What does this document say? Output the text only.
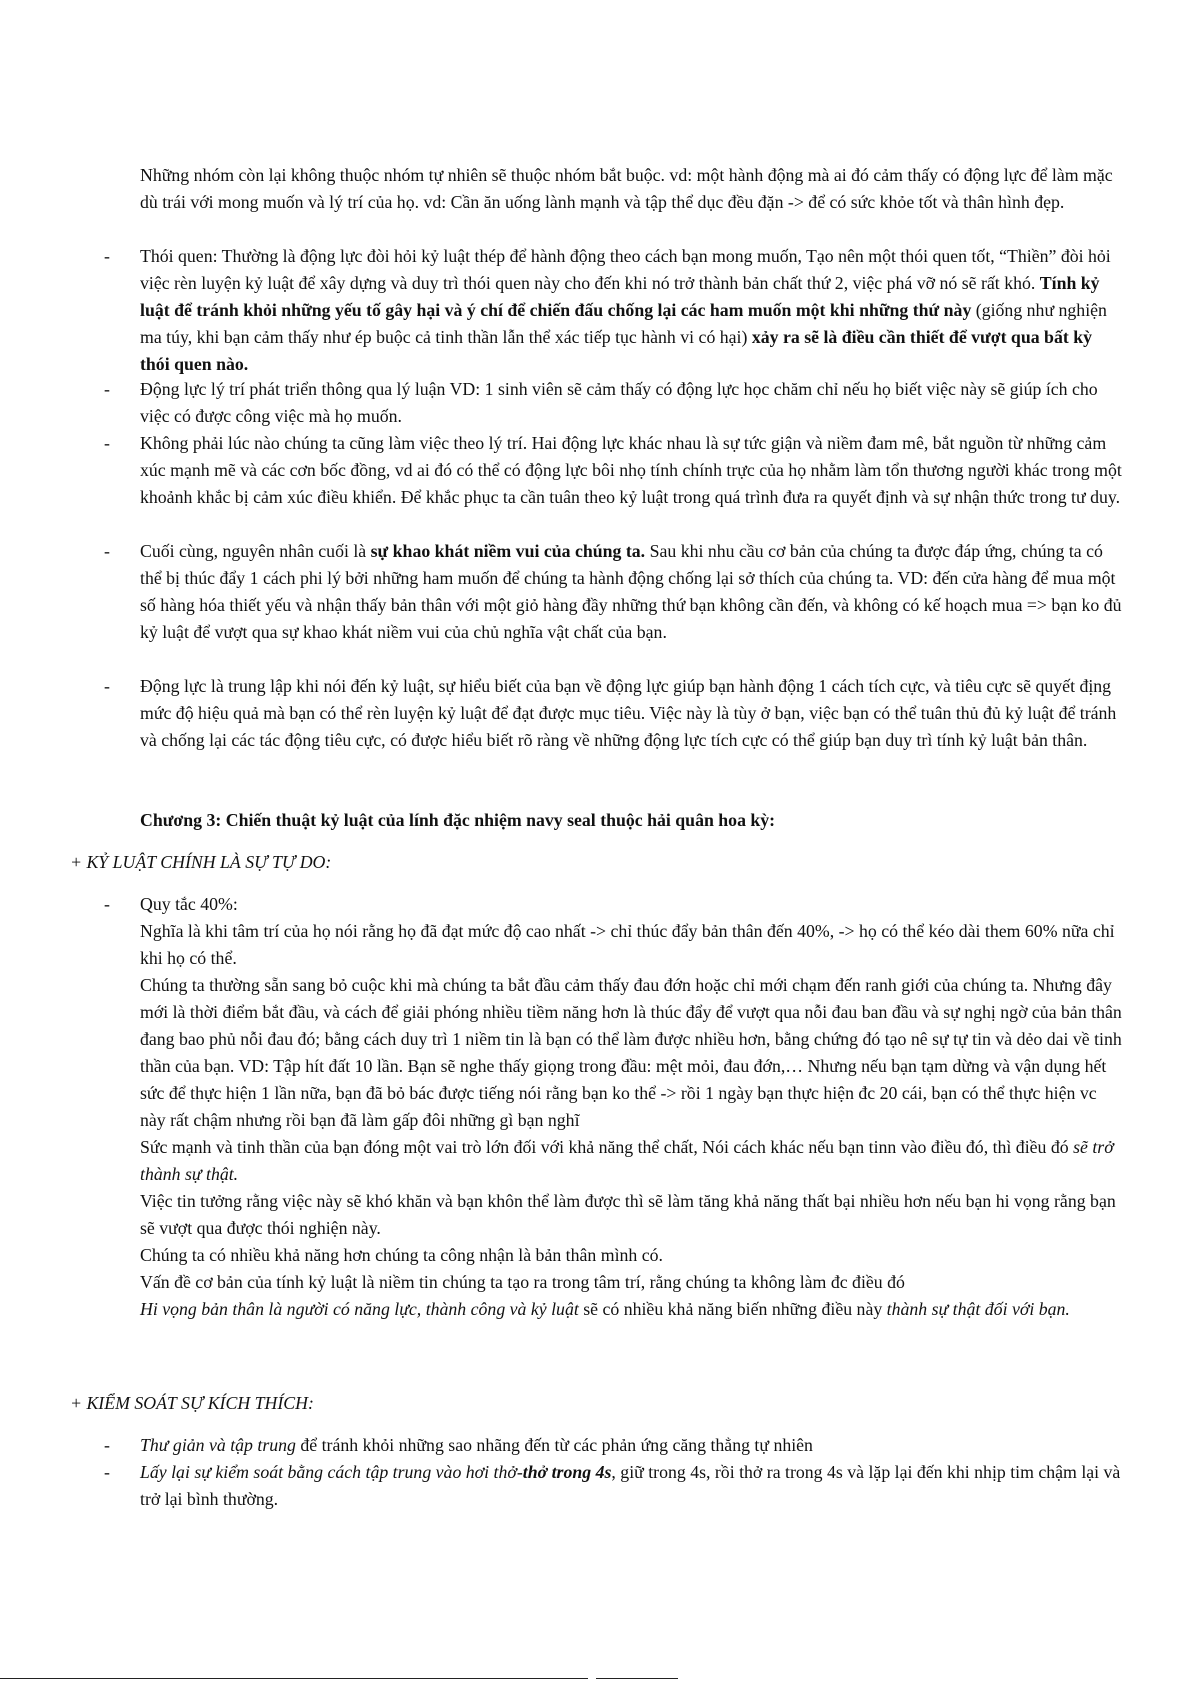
Những nhóm còn lại không thuộc nhóm tự nhiên sẽ thuộc nhóm bắt buộc. vd: một hành động mà ai đó cảm thấy có động lực để làm mặc dù trái với mong muốn và lý trí của họ. vd: Cần ăn uống lành mạnh và tập thể dục đều đặn -> để có sức khỏe tốt và thân hình đẹp.

- Thói quen: Thường là động lực đòi hỏi kỷ luật thép để hành động theo cách bạn mong muốn, Tạo nên một thói quen tốt, “Thiền” đòi hỏi việc rèn luyện kỷ luật để xây dựng và duy trì thói quen này cho đến khi nó trở thành bản chất thứ 2, việc phá vỡ nó sẽ rất khó. Tính kỷ luật để tránh khỏi những yếu tố gây hại và ý chí để chiến đấu chống lại các ham muốn một khi những thứ này (giống như nghiện ma túy, khi bạn cảm thấy như ép buộc cả tinh thần lẫn thể xác tiếp tục hành vi có hại) xảy ra sẽ là điều cần thiết để vượt qua bất kỳ thói quen nào.
- Động lực lý trí phát triển thông qua lý luận VD: 1 sinh viên sẽ cảm thấy có động lực học chăm chỉ nếu họ biết việc này sẽ giúp ích cho việc có được công việc mà họ muốn.
- Không phải lúc nào chúng ta cũng làm việc theo lý trí. Hai động lực khác nhau là sự tức giận và niềm đam mê, bắt nguồn từ những cảm xúc mạnh mẽ và các cơn bốc đồng, vd ai đó có thể có động lực bôi nhọ tính chính trực của họ nhằm làm tổn thương người khác trong một khoảnh khắc bị cảm xúc điều khiển. Để khắc phục ta cần tuân theo kỷ luật trong quá trình đưa ra quyết định và sự nhận thức trong tư duy.
- Cuối cùng, nguyên nhân cuối là sự khao khát niềm vui của chúng ta. Sau khi nhu cầu cơ bản của chúng ta được đáp ứng, chúng ta có thể bị thúc đẩy 1 cách phi lý bởi những ham muốn để chúng ta hành động chống lại sở thích của chúng ta. VD: đến cửa hàng để mua một số hàng hóa thiết yếu và nhận thấy bản thân với một giỏ hàng đầy những thứ bạn không cần đến, và không có kế hoạch mua => bạn ko đủ kỷ luật để vượt qua sự khao khát niềm vui của chủ nghĩa vật chất của bạn.
- Động lực là trung lập khi nói đến kỷ luật, sự hiểu biết của bạn về động lực giúp bạn hành động 1 cách tích cực, và tiêu cực sẽ quyết địng mức độ hiệu quả mà bạn có thể rèn luyện kỷ luật để đạt được mục tiêu. Việc này là tùy ở bạn, việc bạn có thể tuân thủ đủ kỷ luật để tránh và chống lại các tác động tiêu cực, có được hiểu biết rõ ràng về những động lực tích cực có thể giúp bạn duy trì tính kỷ luật bản thân.

Chương 3: Chiến thuật kỷ luật của lính đặc nhiệm navy seal thuộc hải quân hoa kỳ:

+ KỶ LUẬT CHÍNH LÀ SỰ TỰ DO:

- Quy tắc 40%:
Nghĩa là khi tâm trí của họ nói rằng họ đã đạt mức độ cao nhất -> chỉ thúc đẩy bản thân đến 40%, -> họ có thể kéo dài them 60% nữa chỉ khi họ có thể.
Chúng ta thường sẵn sang bỏ cuộc khi mà chúng ta bắt đầu cảm thấy đau đớn hoặc chỉ mới chạm đến ranh giới của chúng ta. Nhưng đây mới là thời điểm bắt đầu, và cách để giải phóng nhiều tiềm năng hơn là thúc đẩy để vượt qua nỗi đau ban đầu và sự nghị ngờ của bản thân đang bao phủ nỗi đau đó; bằng cách duy trì 1 niềm tin là bạn có thể làm được nhiều hơn, bằng chứng đó tạo nê sự tự tin và dẻo dai về tinh thần của bạn. VD: Tập hít đất 10 lần. Bạn sẽ nghe thấy giọng trong đầu: mệt mỏi, đau đớn,… Nhưng nếu bạn tạm dừng và vận dụng hết sức để thực hiện 1 lần nữa, bạn đã bỏ bác được tiếng nói rằng bạn ko thể -> rồi 1 ngày bạn thực hiện đc 20 cái, bạn có thể thực hiện vc này rất chậm nhưng rồi bạn đã làm gấp đôi những gì bạn nghĩ
Sức mạnh và tinh thần của bạn đóng một vai trò lớn đối với khả năng thể chất, Nói cách khác nếu bạn tinn vào điều đó, thì điều đó sẽ trở thành sự thật.
Việc tin tưởng rằng việc này sẽ khó khăn và bạn khôn thể làm được thì sẽ làm tăng khả năng thất bại nhiều hơn nếu bạn hi vọng rằng bạn sẽ vượt qua được thói nghiện này.
Chúng ta có nhiều khả năng hơn chúng ta công nhận là bản thân mình có.
Vấn đề cơ bản của tính kỷ luật là niềm tin chúng ta tạo ra trong tâm trí, rằng chúng ta không làm đc điều đó
Hi vọng bản thân là người có năng lực, thành công và kỷ luật sẽ có nhiều khả năng biến những điều này thành sự thật đối với bạn.

+ KIỂM SOÁT SỰ KÍCH THÍCH:

- Thư giản và tập trung để tránh khỏi những sao nhãng đến từ các phản ứng căng thẳng tự nhiên
- Lấy lại sự kiểm soát bằng cách tập trung vào hơi thở-thở trong 4s, giữ trong 4s, rồi thở ra trong 4s và lặp lại đến khi nhịp tim chậm lại và trở lại bình thường.
